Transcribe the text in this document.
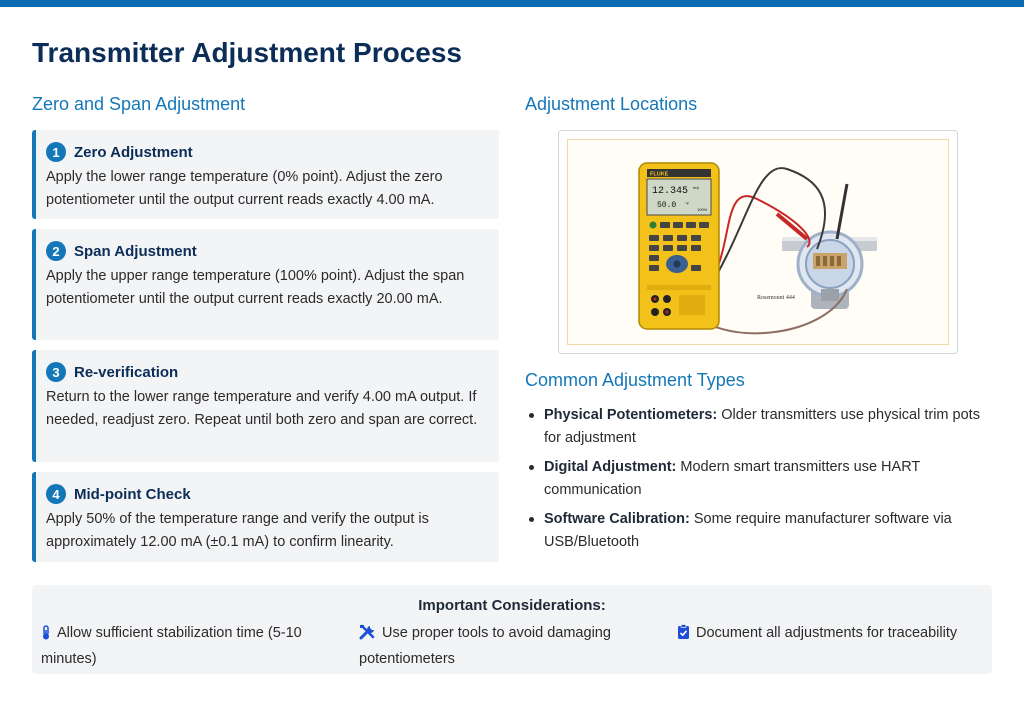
Transmitter Adjustment Process
Zero and Span Adjustment
1 Zero Adjustment
Apply the lower range temperature (0% point). Adjust the zero potentiometer until the output current reads exactly 4.00 mA.
2 Span Adjustment
Apply the upper range temperature (100% point). Adjust the span potentiometer until the output current reads exactly 20.00 mA.
3 Re-verification
Return to the lower range temperature and verify 4.00 mA output. If needed, readjust zero. Repeat until both zero and span are correct.
4 Mid-point Check
Apply 50% of the temperature range and verify the output is approximately 12.00 mA (±0.1 mA) to confirm linearity.
Adjustment Locations
Rosemount 444
FLUKE
12.345 mA
50.0 °F
100%
Common Adjustment Types
Physical Potentiometers: Older transmitters use physical trim pots for adjustment
Digital Adjustment: Modern smart transmitters use HART communication
Software Calibration: Some require manufacturer software via USB/Bluetooth
Important Considerations:
Allow sufficient stabilization time (5-10 minutes)
Use proper tools to avoid damaging potentiometers
Document all adjustments for traceability
